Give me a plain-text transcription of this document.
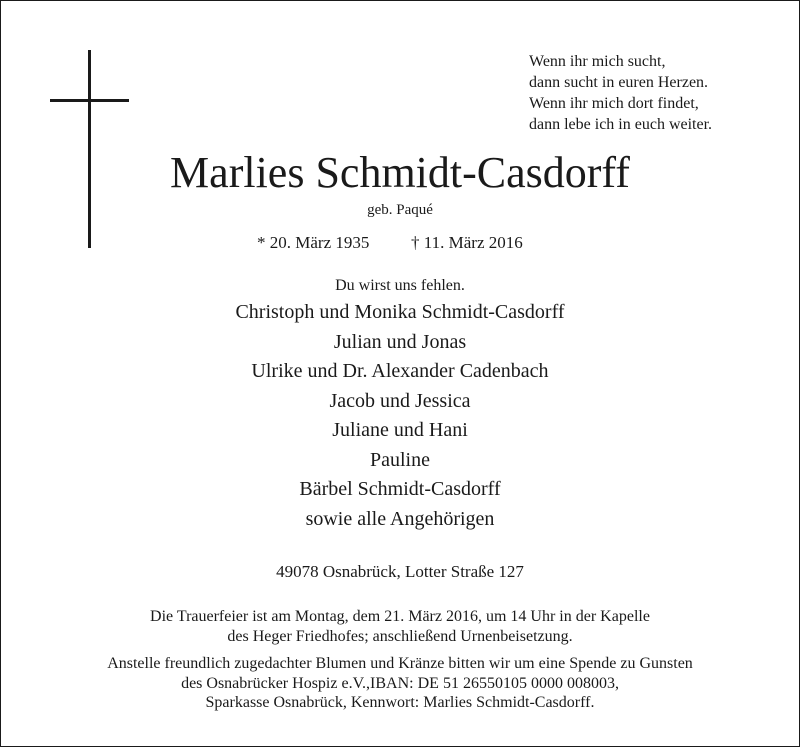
Wenn ihr mich sucht,
dann sucht in euren Herzen.
Wenn ihr mich dort findet,
dann lebe ich in euch weiter.
Marlies Schmidt-Casdorff
geb. Paqué
* 20. März 1935 † 11. März 2016
Du wirst uns fehlen.
Christoph und Monika Schmidt-Casdorff
Julian und Jonas
Ulrike und Dr. Alexander Cadenbach
Jacob und Jessica
Juliane und Hani
Pauline
Bärbel Schmidt-Casdorff
sowie alle Angehörigen
49078 Osnabrück, Lotter Straße 127
Die Trauerfeier ist am Montag, dem 21. März 2016, um 14 Uhr in der Kapelle
des Heger Friedhofes; anschließend Urnenbeisetzung.
Anstelle freundlich zugedachter Blumen und Kränze bitten wir um eine Spende zu Gunsten
des Osnabrücker Hospiz e.V.,IBAN: DE 51 26550105 0000 008003,
Sparkasse Osnabrück, Kennwort: Marlies Schmidt-Casdorff.
